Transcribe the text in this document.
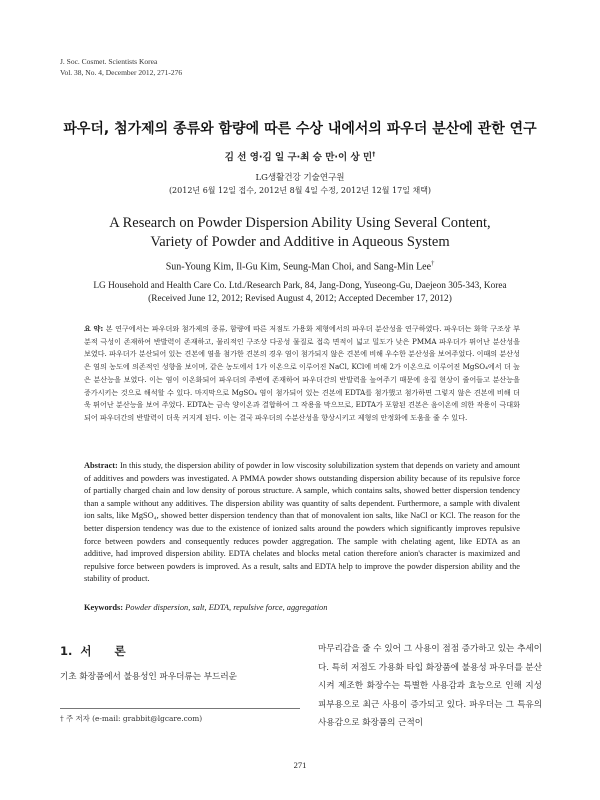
J. Soc. Cosmet. Scientists Korea
Vol. 38, No. 4, December 2012, 271-276
파우더, 첨가제의 종류와 함량에 따른 수상 내에서의 파우더 분산에 관한 연구
김 선 영·김 일 구·최 승 만·이 상 민†
LG생활건강 기술연구원
(2012년 6월 12일 접수, 2012년 8월 4일 수정, 2012년 12월 17일 채택)
A Research on Powder Dispersion Ability Using Several Content,
Variety of Powder and Additive in Aqueous System
Sun-Young Kim, Il-Gu Kim, Seung-Man Choi, and Sang-Min Lee†
LG Household and Health Care Co. Ltd./Research Park, 84, Jang-Dong, Yuseong-Gu, Daejeon 305-343, Korea
(Received June 12, 2012; Revised August 4, 2012; Accepted December 17, 2012)
요 약: 본 연구에서는 파우더와 첨가제의 종류, 함량에 따른 저점도 가용화 제형에서의 파우더 분산성을 연구하였다. 파우더는 화학 구조상 부분적 극성이 존재하여 반발력이 존재하고, 물리적인 구조상 다공성 물질로 접촉 면적이 넓고 밀도가 낮은 PMMA 파우더가 뛰어난 분산성을 보였다. 파우더가 분산되어 있는 견본에 염을 첨가한 견본의 경우 염이 첨가되지 않은 견본에 비해 우수한 분산성을 보여주었다. 이때의 분산성은 염의 농도에 의존적인 성향을 보이며, 같은 농도에서 1가 이온으로 이루어진 NaCl, KCl에 비해 2가 이온으로 이루어진 MgSO₄에서 더 높은 분산능을 보였다. 이는 염이 이온화되어 파우더의 주변에 존재하여 파우더간의 반발력을 높여주기 때문에 응집 현상이 줄어들고 분산능을 증가시키는 것으로 해석할 수 있다. 마지막으로 MgSO₄ 염이 첨가되어 있는 견본에 EDTA를 첨가했고 첨가하면 그렇지 않은 견본에 비해 더욱 뛰어난 분산능을 보여 주었다. EDTA는 금속 양이온과 결합하여 그 작용을 막으므로, EDTA가 포함된 견본은 음이온에 의한 작용이 극대화되어 파우더간의 반발력이 더욱 커지게 된다. 이는 결국 파우더의 수분산성을 향상시키고 제형의 안정화에 도움을 줄 수 있다.
Abstract: In this study, the dispersion ability of powder in low viscosity solubilization system that depends on variety and amount of additives and powders was investigated. A PMMA powder shows outstanding dispersion ability because of its repulsive force of partially charged chain and low density of porous structure. A sample, which contains salts, showed better dispersion tendency than a sample without any additives. The dispersion ability was quantity of salts dependent. Furthermore, a sample with divalent ion salts, like MgSO₄, showed better dispersion tendency than that of monovalent ion salts, like NaCl or KCl. The reason for the better dispersion tendency was due to the existence of ionized salts around the powders which significantly improves repulsive force between powders and consequently reduces powder aggregation. The sample with chelating agent, like EDTA as an additive, had improved dispersion ability. EDTA chelates and blocks metal cation therefore anion's character is maximized and repulsive force between powders is improved. As a result, salts and EDTA help to improve the powder dispersion ability and the stability of product.
Keywords: Powder dispersion, salt, EDTA, repulsive force, aggregation
1. 서　　론
기초 화장품에서 불용성인 파우더류는 부드러운
† 주 저자 (e-mail: grabbit@lgcare.com)
마무리감을 줄 수 있어 그 사용이 점점 증가하고 있는 추세이다. 특히 저점도 가용화 타입 화장품에 불용성 파우더를 분산시켜 제조한 화장수는 특별한 사용감과 효능으로 인해 지성 피부용으로 최근 사용이 증가되고 있다. 파우더는 그 특유의 사용감으로 화장품의 근적이
271
